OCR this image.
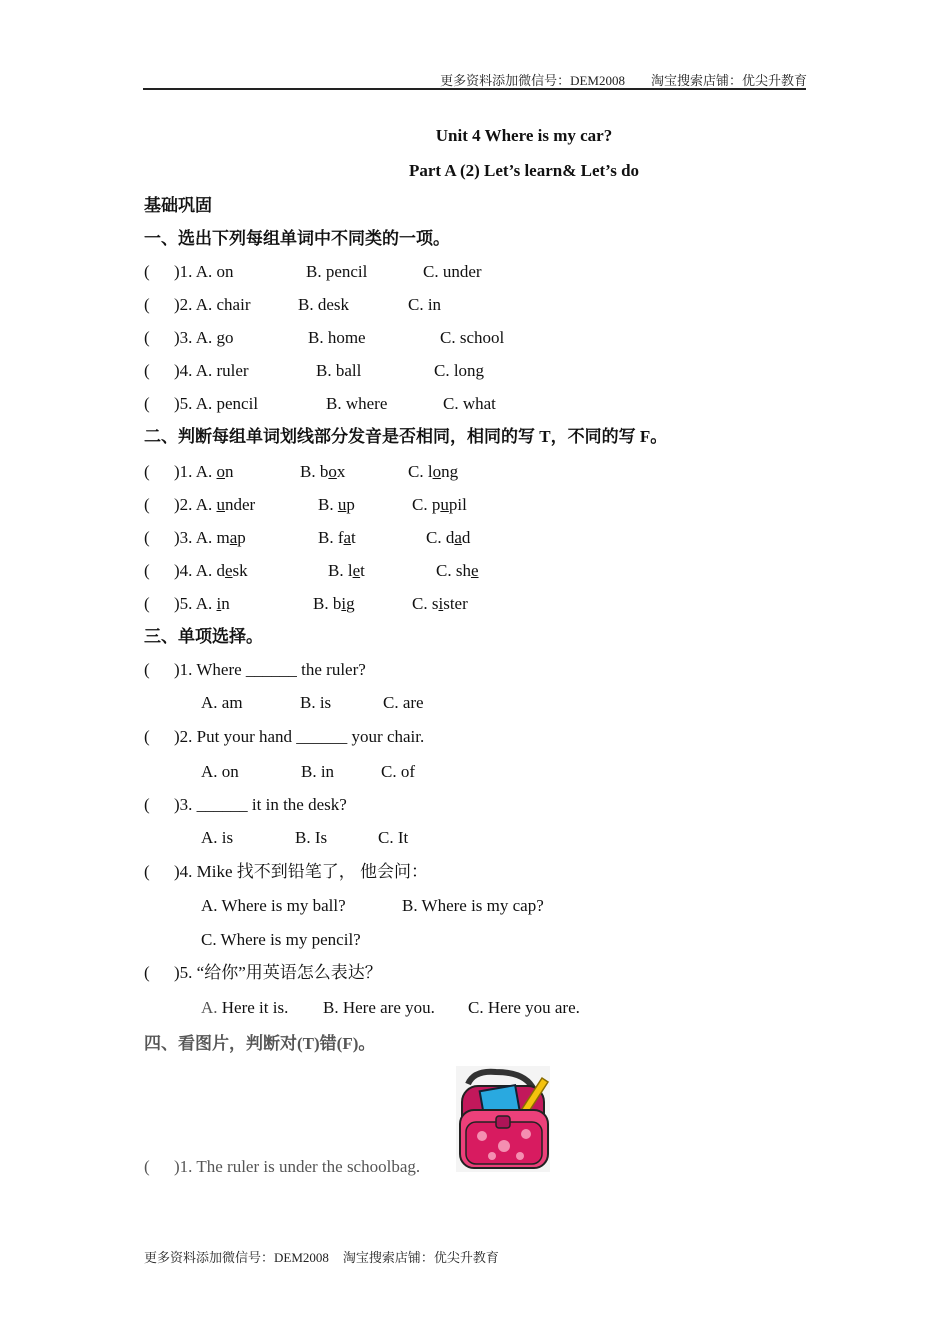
更多资料添加微信号：DEM2008 淘宝搜索店铺：优尖升教育
Unit 4 Where is my car?
Part A (2) Let’s learn& Let’s do
基础巩固
一、选出下列每组单词中不同类的一项。
( )1. A. on	B. pencil	C. under
( )2. A. chair	B. desk	C. in
( )3. A. go	B. home	C. school
( )4. A. ruler	B. ball	C. long
( )5. A. pencil	B. where	C. what
二、判断每组单词划线部分发音是否相同，相同的写 T，不同的写 F。
( )1. A. on	B. box	C. long
( )2. A. under	B. up	C. pupil
( )3. A. map	B. fat	C. dad
( )4. A. desk	B. let	C. she
( )5. A. in	B. big	C. sister
三、单项选择。
( )1. Where ______ the ruler?
A. am	B. is	C. are
( )2. Put your hand ______ your chair.
A. on	B. in	C. of
( )3. ______ it in the desk?
A. is	B. Is	C. It
( )4. Mike 找不到铅笔了， 他会问：
A. Where is my ball?	B. Where is my cap?
C. Where is my pencil?
( )5. “给你”用英语怎么表达？
A. Here it is. B. Here are you. C. Here you are.
四、看图片，判断对(T)错(F)。
( )1. The ruler is under the schoolbag.
更多资料添加微信号：DEM2008 淘宝搜索店铺：优尖升教育
